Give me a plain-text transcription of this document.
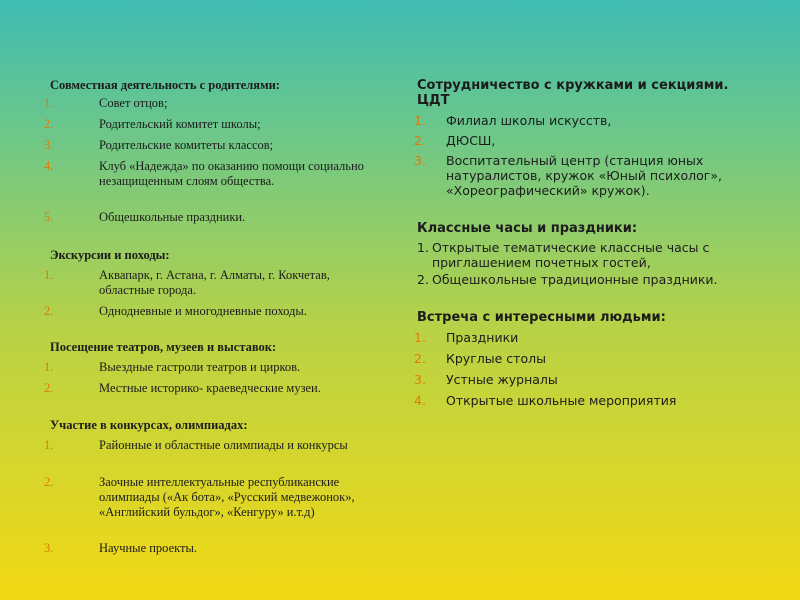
Совместная деятельность с родителями:
1.	Совет отцов;
2.	Родительский комитет школы;
3.	Родительские комитеты классов;
4.	Клуб «Надежда» по оказанию помощи социально незащищенным слоям общества.
5.	Общешкольные праздники.
Экскурсии и походы:
1.	Аквапарк, г. Астана, г. Алматы, г. Кокчетав, областные города.
2.	Однодневные и многодневные походы.
Посещение театров, музеев и выставок:
1.	Выездные гастроли театров и цирков.
2.	Местные историко- краеведческие музеи.
Участие в конкурсах, олимпиадах:
1.	Районные и областные олимпиады и конкурсы
2.	Заочные интеллектуальные республиканские олимпиады («Ак бота», «Русский медвежонок», «Английский бульдог», «Кенгуру» и.т.д)
3.	Научные проекты.
Сотрудничество с кружками и секциями. ЦДТ
1. Филиал школы искусств,
2. ДЮСШ,
3. Воспитательный центр (станция юных натуралистов, кружок «Юный психолог», «Хореографический» кружок).
Классные часы и праздники:
1. Открытые тематические классные часы с приглашением почетных гостей,
2. Общешкольные традиционные праздники.
Встреча с интересными людьми:
1. Праздники
2. Круглые столы
3. Устные журналы
4. Открытые школьные мероприятия
